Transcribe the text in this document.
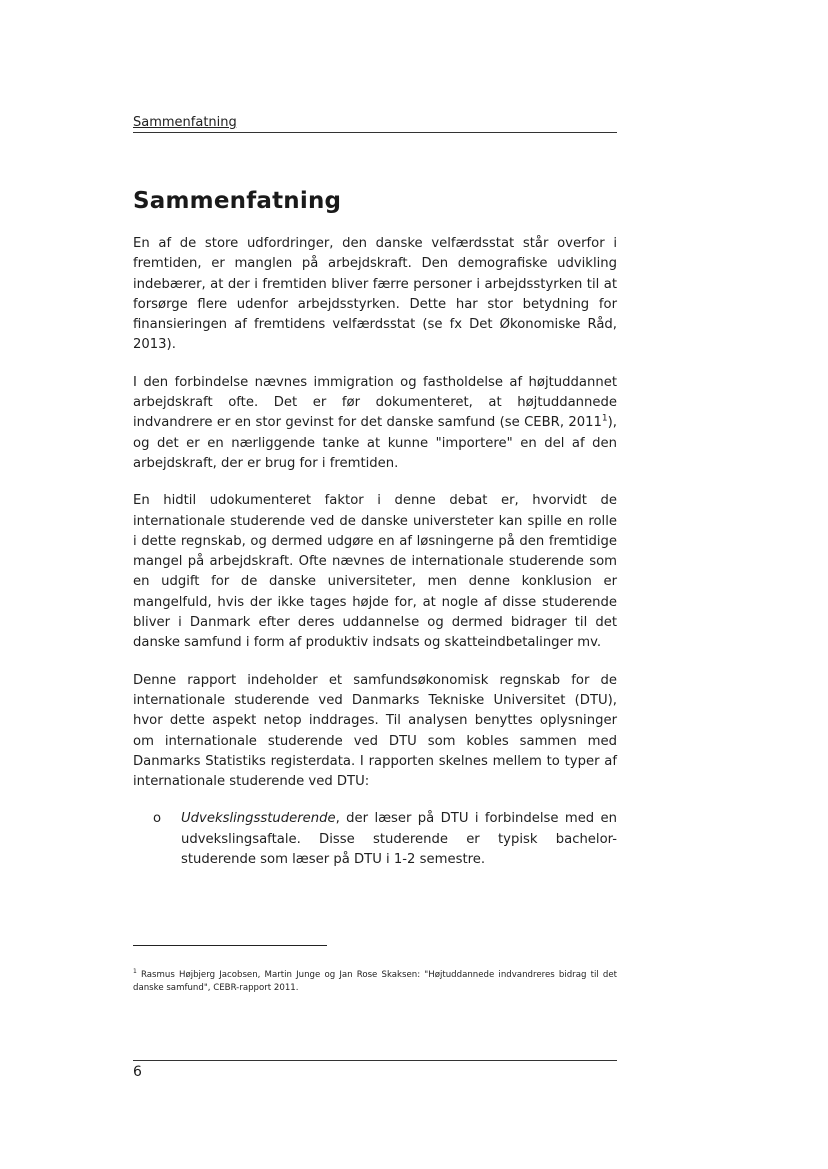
Sammenfatning
Sammenfatning

En af de store udfordringer, den danske velfærdsstat står overfor i fremtiden, er manglen på arbejdskraft. Den demografiske udvikling indebærer, at der i fremtiden bliver færre personer i arbejdsstyrken til at forsørge flere udenfor arbejdsstyrken. Dette har stor betydning for finansieringen af fremtidens velfærdsstat (se fx Det Økonomiske Råd, 2013).

I den forbindelse nævnes immigration og fastholdelse af højtuddannet arbejdskraft ofte. Det er før dokumenteret, at højtuddannede indvandrere er en stor gevinst for det danske samfund (se CEBR, 2011$^1$), og det er en nærliggende tanke at kunne "importere" en del af den arbejdskraft, der er brug for i fremtiden.

En hidtil udokumenteret faktor i denne debat er, hvorvidt de internationale studerende ved de danske universteter kan spille en rolle i dette regnskab, og dermed udgøre en af løsningerne på den fremtidige mangel på arbejdskraft. Ofte nævnes de internationale studerende som en udgift for de danske universiteter, men denne konklusion er mangelfuld, hvis der ikke tages højde for, at nogle af disse studerende bliver i Danmark efter deres uddannelse og dermed bidrager til det danske samfund i form af produktiv indsats og skatteindbetalinger mv.

Denne rapport indeholder et samfundsøkonomisk regnskab for de internationale studerende ved Danmarks Tekniske Universitet (DTU), hvor dette aspekt netop inddrages. Til analysen benyttes oplysninger om internationale studerende ved DTU som kobles sammen med Danmarks Statistiks registerdata. I rapporten skelnes mellem to typer af internationale studerende ved DTU:

o Udvekslingsstuderende, der læser på DTU i forbindelse med en udvekslingsaftale. Disse studerende er typisk bachelor-studerende som læser på DTU i 1-2 semestre.
$^1$ Rasmus Højbjerg Jacobsen, Martin Junge og Jan Rose Skaksen: "Højtuddannede indvandreres bidrag til det danske samfund", CEBR-rapport 2011.
6
